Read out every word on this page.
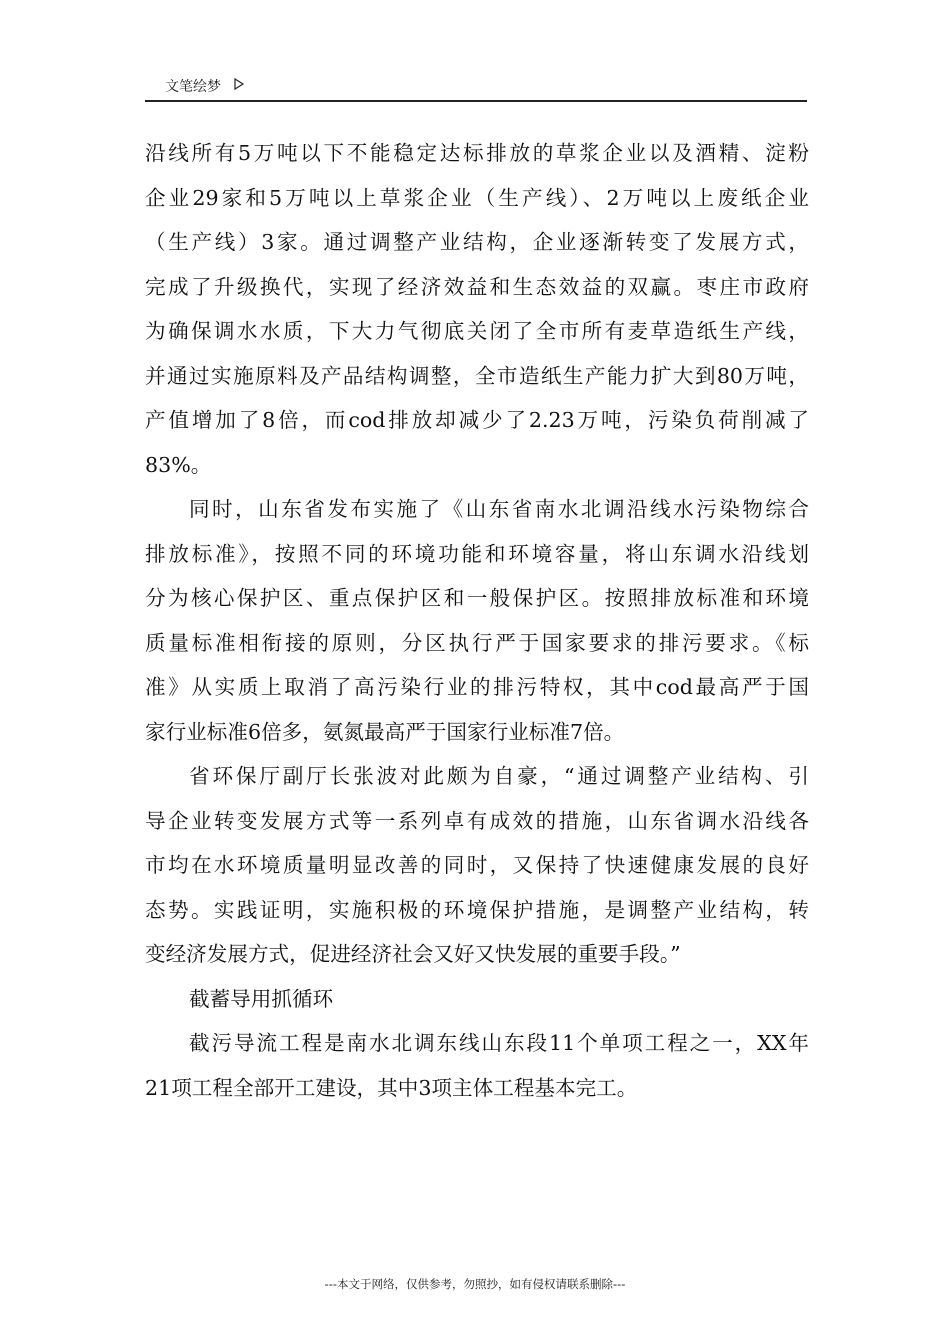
文笔绘梦
沿线所有5万吨以下不能稳定达标排放的草浆企业以及酒精、淀粉
企业29家和5万吨以上草浆企业（生产线）、2万吨以上废纸企业
（生产线）3家。通过调整产业结构，企业逐渐转变了发展方式，
完成了升级换代，实现了经济效益和生态效益的双赢。枣庄市政府
为确保调水水质，下大力气彻底关闭了全市所有麦草造纸生产线，
并通过实施原料及产品结构调整，全市造纸生产能力扩大到80万吨，
产值增加了8倍，而cod排放却减少了2.23万吨，污染负荷削减了
83%。
同时，山东省发布实施了《山东省南水北调沿线水污染物综合
排放标准》，按照不同的环境功能和环境容量，将山东调水沿线划
分为核心保护区、重点保护区和一般保护区。按照排放标准和环境
质量标准相衔接的原则，分区执行严于国家要求的排污要求。《标
准》从实质上取消了高污染行业的排污特权，其中cod最高严于国
家行业标准6倍多，氨氮最高严于国家行业标准7倍。
省环保厅副厅长张波对此颇为自豪，“通过调整产业结构、引
导企业转变发展方式等一系列卓有成效的措施，山东省调水沿线各
市均在水环境质量明显改善的同时，又保持了快速健康发展的良好
态势。实践证明，实施积极的环境保护措施，是调整产业结构，转
变经济发展方式，促进经济社会又好又快发展的重要手段。”
截蓄导用抓循环
截污导流工程是南水北调东线山东段11个单项工程之一，XX年
21项工程全部开工建设，其中3项主体工程基本完工。
---本文于网络，仅供参考，勿照抄，如有侵权请联系删除---
